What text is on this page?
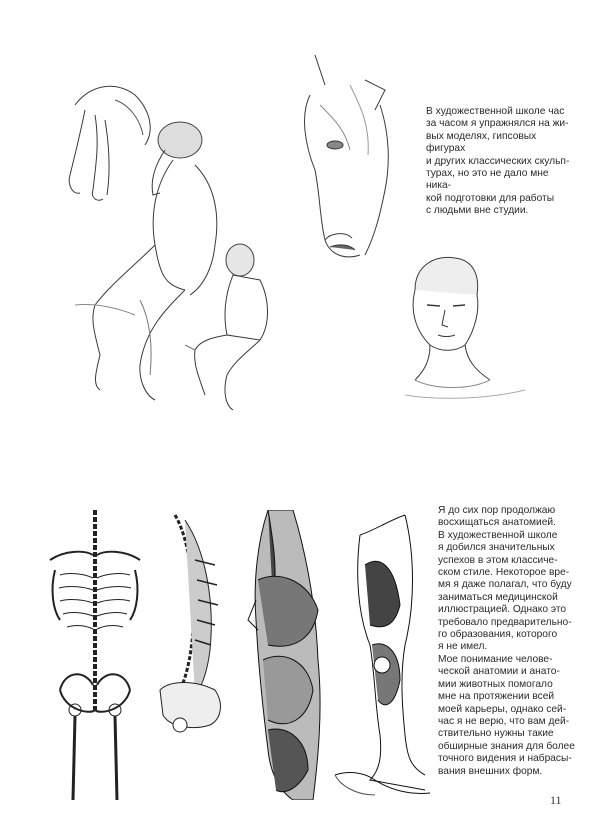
В художественной школе час
за часом я упражнялся на жи-
вых моделях, гипсовых фигурах
и других классических скульп-
турах, но это не дало мне ника-
кой подготовки для работы
с людьми вне студии.
Я до сих пор продолжаю
восхищаться анатомией.
В художественной школе
я добился значительных
успехов в этом классиче-
ском стиле. Некоторое вре-
мя я даже полагал, что буду
заниматься медицинской
иллюстрацией. Однако это
требовало предварительно-
го образования, которого
я не имел.
Мое понимание челове-
ческой анатомии и анато-
мии животных помогало
мне на протяжении всей
моей карьеры, однако сей-
час я не верю, что вам дей-
ствительно нужны такие
обширные знания для более
точного видения и набрасы-
вания внешних форм.
11
